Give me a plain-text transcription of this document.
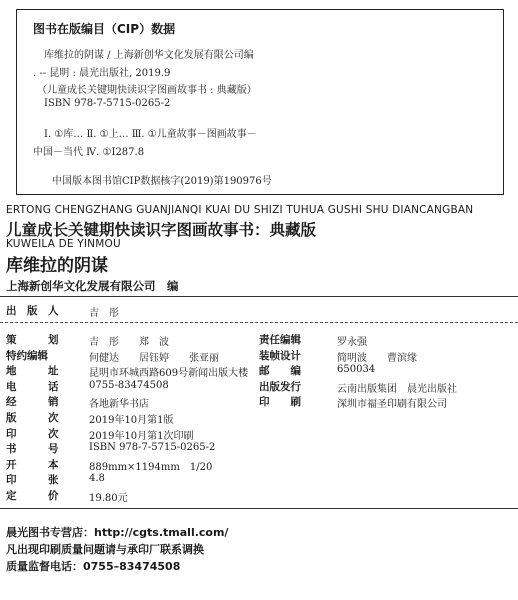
图书在版编目（CIP）数据
库维拉的阴谋 / 上海新创华文化发展有限公司编
. -- 昆明 : 晨光出版社, 2019.9
（儿童成长关键期快读识字图画故事书 : 典藏版）
ISBN 978-7-5715-0265-2
Ⅰ. ①库… Ⅱ. ①上… Ⅲ. ①儿童故事－图画故事－
中国－当代 Ⅳ. ①I287.8
中国版本图书馆CIP数据核字(2019)第190976号
ERTONG CHENGZHANG GUANJIANQI KUAI DU SHIZI TUHUA GUSHI SHU DIANCANGBAN
儿童成长关键期快读识字图画故事书：典藏版
KUWEILA DE YINMOU
库维拉的阴谋
上海新创华文化发展有限公司　编
出　版　人	吉　彤
策　　　划	吉　彤　　郑　波
特约编辑	何健达　　居钰婷　　张亚丽
地　　　址	昆明市环城西路609号新闻出版大楼
电　　　话	0755-83474508
经　　　销	各地新华书店
版　　　次	2019年10月第1版
印　　　次	2019年10月第1次印刷
书　　　号	ISBN 978-7-5715-0265-2
开　　　本	889mm×1194mm　1/20
印　　　张	4.8
定　　　价	19.80元
责任编辑	罗永强
装帧设计	简明波　　曹滨缘
邮　　编	650034
出版发行	云南出版集团　晨光出版社
印　　刷	深圳市福圣印刷有限公司
晨光图书专营店：http://cgts.tmall.com/
凡出现印刷质量问题请与承印厂联系调换
质量监督电话：0755–83474508
